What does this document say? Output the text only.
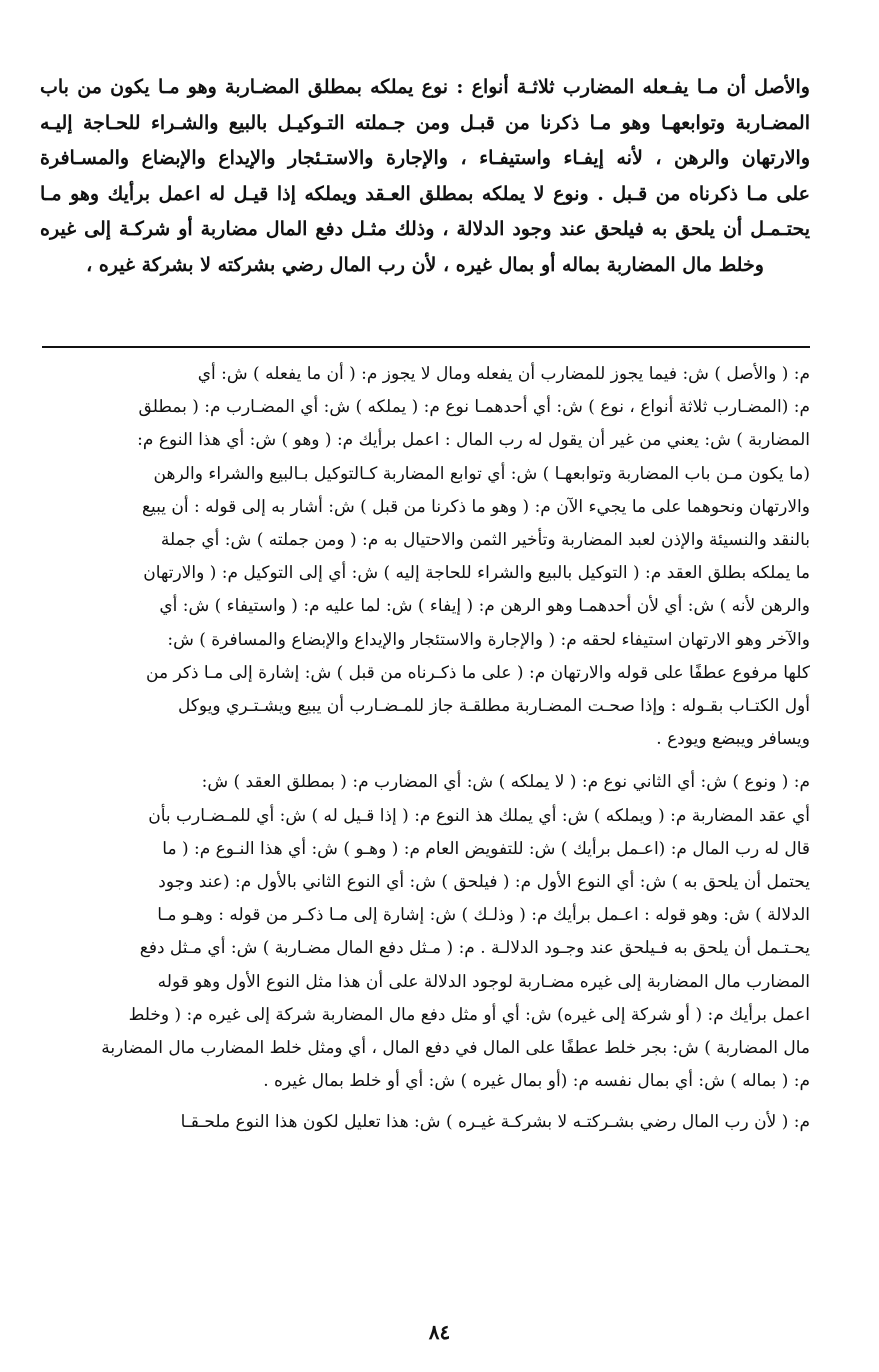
والأصل أن مـا يفـعله المضارب ثلاثـة أنواع : نوع يملكه بمطلق المضـاربة وهو مـا يكون من باب

المضـاربة وتوابعهـا وهو مـا ذكرنا من قبـل ومن جـملته التـوكيـل بالبيع والشـراء للحـاجة إليـه

والارتهان والرهن ، لأنه إيفـاء واستيفـاء ، والإجارة والاستـئجار والإيداع والإبضاع والمسـافرة

على مـا ذكرناه من قـبل . ونوع لا يملكه بمطلق العـقد ويملكه إذا قيـل له اعمل برأيك وهو مـا

يحتـمـل أن يلحق به فيلحق عند وجود الدلالة ، وذلك مثـل دفع المال مضاربة أو شركـة إلى غيره

وخلط مال المضاربة بماله أو بمال غيره ، لأن رب المال رضي بشركته لا بشركة غيره ،

م: ( والأصل ) ش: فيما يجوز للمضارب أن يفعله ومال لا يجوز م: ( أن ما يفعله ) ش: أي

م: (المضـارب ثلاثة أنواع ، نوع ) ش: أي أحدهمـا نوع م: ( يملكه ) ش: أي المضـارب م: ( بمطلق

المضاربة ) ش: يعني من غير أن يقول له رب المال : اعمل برأيك م: ( وهو ) ش: أي هذا النوع م:

(ما يكون مـن باب المضاربة وتوابعهـا ) ش: أي توابع المضاربة كـالتوكيل بـالبيع والشراء والرهن

والارتهان ونحوهما على ما يجيء الآن م: ( وهو ما ذكرنا من قبل ) ش: أشار به إلى قوله : أن يبيع

بالنقد والنسيئة والإذن لعبد المضاربة وتأخير الثمن والاحتيال به م: ( ومن جملته ) ش: أي جملة

ما يملكه بطلق العقد م: ( التوكيل بالبيع والشراء للحاجة إليه ) ش: أي إلى التوكيل م: ( والارتهان

والرهن لأنه ) ش: أي لأن أحدهمـا وهو الرهن م: ( إيفاء ) ش: لما عليه م: ( واستيفاء ) ش: أي

والآخر وهو الارتهان استيفاء لحقه م: ( والإجارة والاستئجار والإيداع والإبضاع والمسافرة ) ش:

كلها مرفوع عطفًا على قوله والارتهان م: ( على ما ذكـرناه من قبل ) ش: إشارة إلى مـا ذكر من

أول الكتـاب بقـوله : وإذا صحـت المضـاربة مطلقـة جاز للمـضـارب أن يبيع ويشـتـري ويوكل

ويسافر ويبضع ويودع .

م: ( ونوع ) ش: أي الثاني نوع م: ( لا يملكه ) ش: أي المضارب م: ( بمطلق العقد ) ش:

أي عقد المضاربة م: ( ويملكه ) ش: أي يملك هذ النوع م: ( إذا قـيل له ) ش: أي للمـضـارب بأن

قال له رب المال م: (اعـمل برأيك ) ش: للتفويض العام م: ( وهـو ) ش: أي هذا النـوع م: ( ما

يحتمل أن يلحق به ) ش: أي النوع الأول م: ( فيلحق ) ش: أي النوع الثاني بالأول م: (عند وجود

الدلالة ) ش: وهو قوله : اعـمل برأيك م: ( وذلـك ) ش: إشارة إلى مـا ذكـر من قوله : وهـو مـا

يحـتـمل أن يلحق به فـيلحق عند وجـود الدلالـة . م: ( مـثل دفع المال مضـاربة ) ش: أي مـثل دفع

المضارب مال المضاربة إلى غيره مضـاربة لوجود الدلالة على أن هذا مثل النوع الأول وهو قوله

اعمل برأيك م: ( أو شركة إلى غيره) ش: أي أو مثل دفع مال المضاربة شركة إلى غيره م: ( وخلط

مال المضاربة ) ش: بجر خلط عطفًا على المال في دفع المال ، أي ومثل خلط المضارب مال المضاربة

م: ( بماله ) ش: أي بمال نفسه م: (أو بمال غيره ) ش: أي أو خلط بمال غيره .

م: ( لأن رب المال رضي بشـركتـه لا بشركـة غيـره ) ش: هذا تعليل لكون هذا النوع ملحـقـا

٨٤
